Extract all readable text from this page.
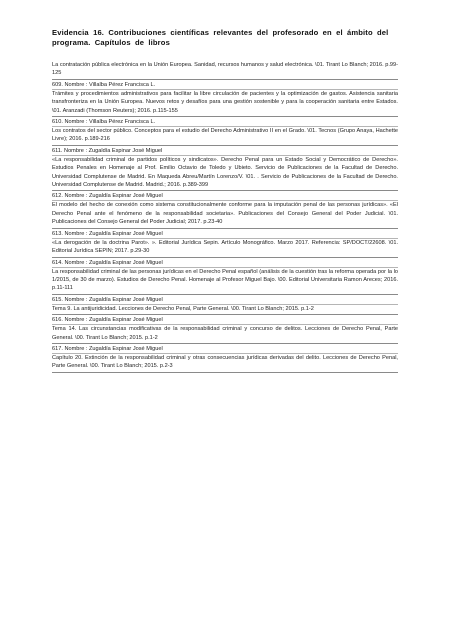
Evidencia 16. Contribuciones científicas relevantes del profesorado en el ámbito del programa. Capítulos de libros
La contratación pública electrónica en la Unión Europea. Sanidad, recursos humanos y salud electrónica. \01. Tirant Lo Blanch; 2016. p.99-125
609. Nombre : Villalba Pérez Francisca L.
Trámites y procedimientos administrativos para facilitar la libre circulación de pacientes y la optimización de gastos. Asistencia sanitaria transfronteriza en la Unión Europea. Nuevos retos y desafíos para una gestión sostenible y para la cooperación sanitaria entre Estados. \01. Aranzadi (Thomson Reuters); 2016. p.115-155
610. Nombre : Villalba Pérez Francisca L.
Los contratos del sector público. Conceptos para el estudio del Derecho Administrativo II en el Grado. \01. Tecnos (Grupo Anaya, Hachette Livre); 2016. p.189-216
611. Nombre : Zugaldía Espinar José Miguel
«La responsabilidad criminal de partidos políticos y sindicatos». Derecho Penal para un Estado Social y Democrático de Derecho». Estudios Penales en Homenaje al Prof. Emilio Octavio de Toledo y Ubieto. Servicio de Publicaciones de la Facultad de Derecho. Universidad Complutense de Madrid. En Maqueda Abreu/Martín Lorenzo/V. \01. . Servicio de Publicaciones de la Facultad de Derecho. Universidad Complutense de Madrid. Madrid.; 2016. p.389-399
612. Nombre : Zugaldía Espinar José Miguel
El modelo del hecho de conexión como sistema constitucionalmente conforme para la imputación penal de las personas jurídicas». «El Derecho Penal ante el fenómeno de la responsabilidad societaria». Publicaciones del Consejo General del Poder Judicial. \01. Publicaciones del Consejo General del Poder Judicial; 2017. p.23-40
613. Nombre : Zugaldía Espinar José Miguel
«La derogación de la doctrina Parot». ». Editorial Jurídica Sepin. Artículo Monográfico. Marzo 2017. Referencia: SP/DOCT/22608. \01. Editorial Jurídica SEPIN; 2017. p.29-30
614. Nombre : Zugaldía Espinar José Miguel
La responsabilidad criminal de las personas jurídicas en el Derecho Penal español (análisis de la cuestión tras la reforma operada por la lo 1/2015, de 30 de marzo). Estudios de Derecho Penal. Homenaje al Profesor Miguel Bajo. \00. Editorial Universitaria Ramon Areces; 2016. p.11-111
615. Nombre : Zugaldía Espinar José Miguel
Tema 9. La antijuridicidad. Lecciones de Derecho Penal, Parte General. \00. Tirant Lo Blanch; 2015. p.1-2
616. Nombre : Zugaldía Espinar José Miguel
Tema 14. Las circunstancias modificativas de la responsabilidad criminal y concurso de delitos. Lecciones de Derecho Penal, Parte General. \00. Tirant Lo Blanch; 2015. p.1-2
617. Nombre : Zugaldía Espinar José Miguel
Capítulo 20. Extinción de la responsabilidad criminal y otras consecuencias jurídicas derivadas del delito. Lecciones de Derecho Penal, Parte General. \00. Tirant Lo Blanch; 2015. p.2-3
